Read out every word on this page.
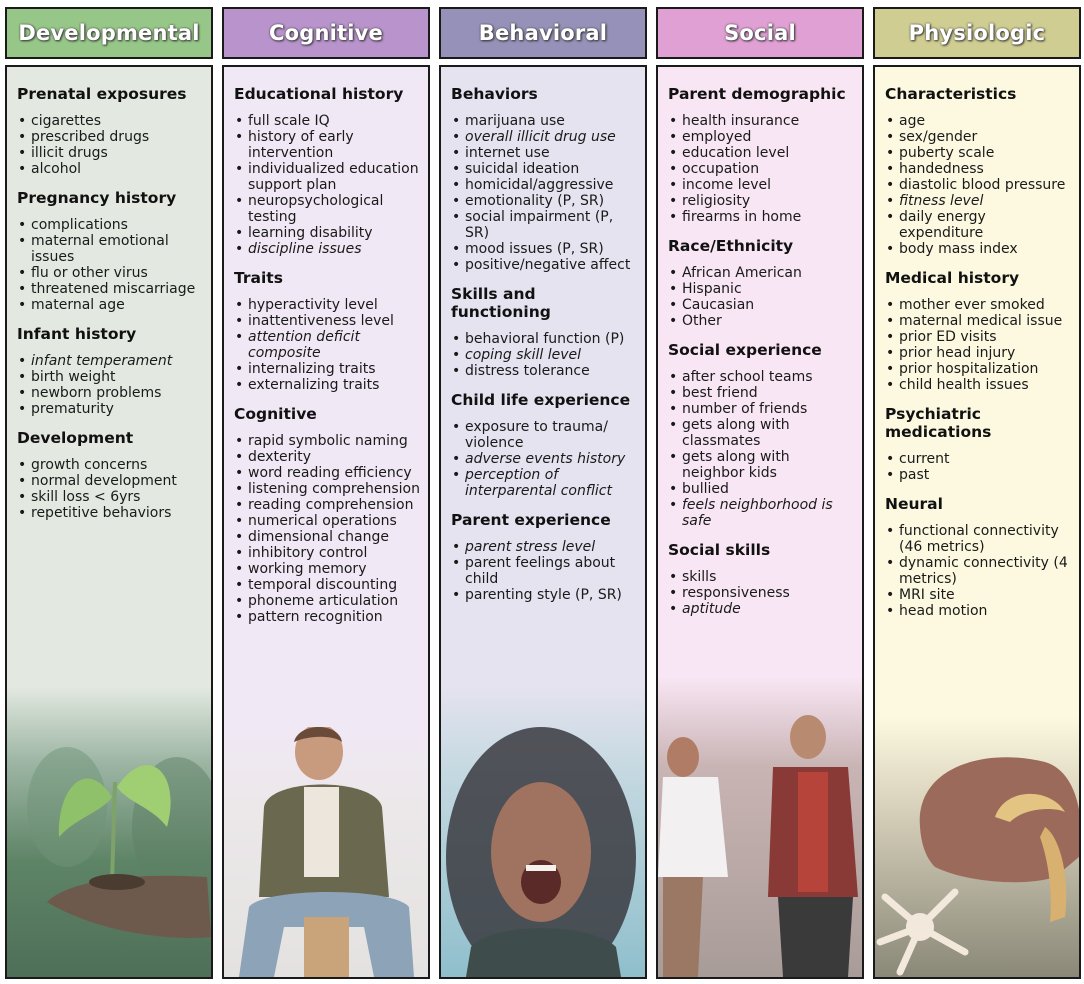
Developmental
Prenatal exposures
• cigarettes
• prescribed drugs
• illicit drugs
• alcohol
Pregnancy history
• complications
• maternal emotional issues
• flu or other virus
• threatened miscarriage
• maternal age
Infant history
• infant temperament
• birth weight
• newborn problems
• prematurity
Development
• growth concerns
• normal development
• skill loss < 6yrs
• repetitive behaviors
Cognitive
Educational history
• full scale IQ
• history of early intervention
• individualized education support plan
• neuropsychological testing
• learning disability
• discipline issues
Traits
• hyperactivity level
• inattentiveness level
• attention deficit composite
• internalizing traits
• externalizing traits
Cognitive
• rapid symbolic naming
• dexterity
• word reading efficiency
• listening comprehension
• reading comprehension
• numerical operations
• dimensional change
• inhibitory control
• working memory
• temporal discounting
• phoneme articulation
• pattern recognition
Behavioral
Behaviors
• marijuana use
• overall illicit drug use
• internet use
• suicidal ideation
• homicidal/aggressive
• emotionality (P, SR)
• social impairment (P, SR)
• mood issues (P, SR)
• positive/negative affect
Skills and functioning
• behavioral function (P)
• coping skill level
• distress tolerance
Child life experience
• exposure to trauma/ violence
• adverse events history
• perception of interparental conflict
Parent experience
• parent stress level
• parent feelings about child
• parenting style (P, SR)
Social
Parent demographic
• health insurance
• employed
• education level
• occupation
• income level
• religiosity
• firearms in home
Race/Ethnicity
• African American
• Hispanic
• Caucasian
• Other
Social experience
• after school teams
• best friend
• number of friends
• gets along with classmates
• gets along with neighbor kids
• bullied
• feels neighborhood is safe
Social skills
• skills
• responsiveness
• aptitude
Physiologic
Characteristics
• age
• sex/gender
• puberty scale
• handedness
• diastolic blood pressure
• fitness level
• daily energy expenditure
• body mass index
Medical history
• mother ever smoked
• maternal medical issue
• prior ED visits
• prior head injury
• prior hospitalization
• child health issues
Psychiatric medications
• current
• past
Neural
• functional connectivity (46 metrics)
• dynamic connectivity (4 metrics)
• MRI site
• head motion
